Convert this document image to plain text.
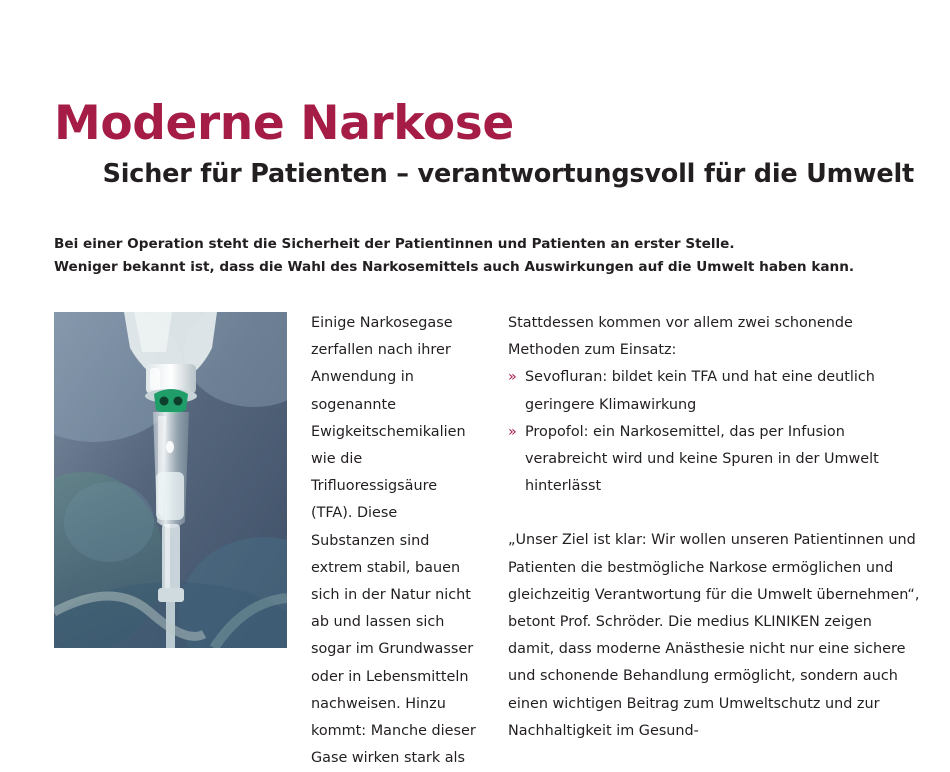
Moderne Narkose
Sicher für Patienten – verantwortungsvoll für die Umwelt

Bei einer Operation steht die Sicherheit der Patientinnen und Patienten an erster Stelle.

Weniger bekannt ist, dass die Wahl des Narkosemittels auch Auswirkungen auf die Umwelt haben kann.

Einige Narkosegase zerfallen nach ihrer Anwendung in sogenannte Ewigkeitschemikalien wie die Trifluoressigsäure (TFA). Diese Substanzen sind extrem stabil, bauen sich in der Natur nicht ab und lassen sich sogar im Grundwasser oder in Lebensmitteln nachweisen. Hinzu kommt: Manche dieser Gase wirken stark als

Stattdessen kommen vor allem zwei schonende Methoden zum Einsatz:

» Sevofluran: bildet kein TFA und hat eine deutlich geringere Klimawirkung
» Propofol: ein Narkosemittel, das per Infusion verabreicht wird und keine Spuren in der Umwelt hinterlässt

„Unser Ziel ist klar: Wir wollen unseren Patientinnen und Patienten die bestmögliche Narkose ermöglichen und gleichzeitig Verantwortung für die Umwelt übernehmen“, betont Prof. Schröder. Die medius KLINIKEN zeigen damit, dass moderne Anästhesie nicht nur eine sichere und schonende Behandlung ermöglicht, sondern auch einen wichtigen Beitrag zum Umweltschutz und zur Nachhaltigkeit im Gesund-
